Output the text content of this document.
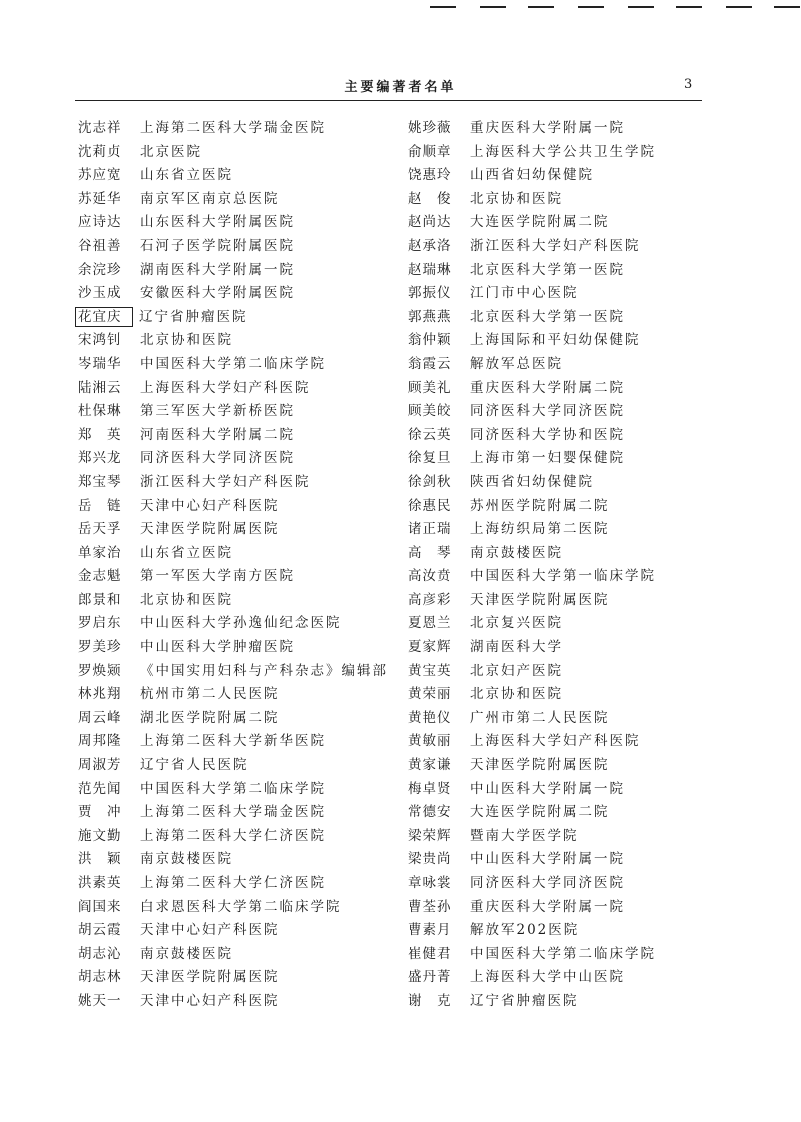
主要编著者名单	3
沈志祥	上海第二医科大学瑞金医院
沈莉贞	北京医院
苏应宽	山东省立医院
苏延华	南京军区南京总医院
应诗达	山东医科大学附属医院
谷祖善	石河子医学院附属医院
余浣珍	湖南医科大学附属一院
沙玉成	安徽医科大学附属医院
花宜庆	辽宁省肿瘤医院
宋鸿钊	北京协和医院
岑瑞华	中国医科大学第二临床学院
陆湘云	上海医科大学妇产科医院
杜保琳	第三军医大学新桥医院
郑　英	河南医科大学附属二院
郑兴龙	同济医科大学同济医院
郑宝琴	浙江医科大学妇产科医院
岳　链	天津中心妇产科医院
岳天孚	天津医学院附属医院
单家治	山东省立医院
金志魁	第一军医大学南方医院
郎景和	北京协和医院
罗启东	中山医科大学孙逸仙纪念医院
罗美珍	中山医科大学肿瘤医院
罗焕颎	《中国实用妇科与产科杂志》编辑部
林兆翔	杭州市第二人民医院
周云峰	湖北医学院附属二院
周邦隆	上海第二医科大学新华医院
周淑芳	辽宁省人民医院
范先闻	中国医科大学第二临床学院
贾　冲	上海第二医科大学瑞金医院
施文勤	上海第二医科大学仁济医院
洪　颖	南京鼓楼医院
洪素英	上海第二医科大学仁济医院
阎国来	白求恩医科大学第二临床学院
胡云霞	天津中心妇产科医院
胡志沁	南京鼓楼医院
胡志林	天津医学院附属医院
姚天一	天津中心妇产科医院
姚珍薇	重庆医科大学附属一院
俞顺章	上海医科大学公共卫生学院
饶惠玲	山西省妇幼保健院
赵　俊	北京协和医院
赵尚达	大连医学院附属二院
赵承洛	浙江医科大学妇产科医院
赵瑞琳	北京医科大学第一医院
郭振仪	江门市中心医院
郭燕燕	北京医科大学第一医院
翁仲颖	上海国际和平妇幼保健院
翁霞云	解放军总医院
顾美礼	重庆医科大学附属二院
顾美皎	同济医科大学同济医院
徐云英	同济医科大学协和医院
徐复旦	上海市第一妇婴保健院
徐剑秋	陕西省妇幼保健院
徐惠民	苏州医学院附属二院
诸正瑞	上海纺织局第二医院
高　琴	南京鼓楼医院
高汝贲	中国医科大学第一临床学院
高彦彩	天津医学院附属医院
夏恩兰	北京复兴医院
夏家辉	湖南医科大学
黄宝英	北京妇产医院
黄荣丽	北京协和医院
黄艳仪	广州市第二人民医院
黄敏丽	上海医科大学妇产科医院
黄家谦	天津医学院附属医院
梅卓贤	中山医科大学附属一院
常德安	大连医学院附属二院
梁荣辉	暨南大学医学院
梁贵尚	中山医科大学附属一院
章咏裳	同济医科大学同济医院
曹荃孙	重庆医科大学附属一院
曹素月	解放军202医院
崔健君	中国医科大学第二临床学院
盛丹菁	上海医科大学中山医院
谢　克	辽宁省肿瘤医院
